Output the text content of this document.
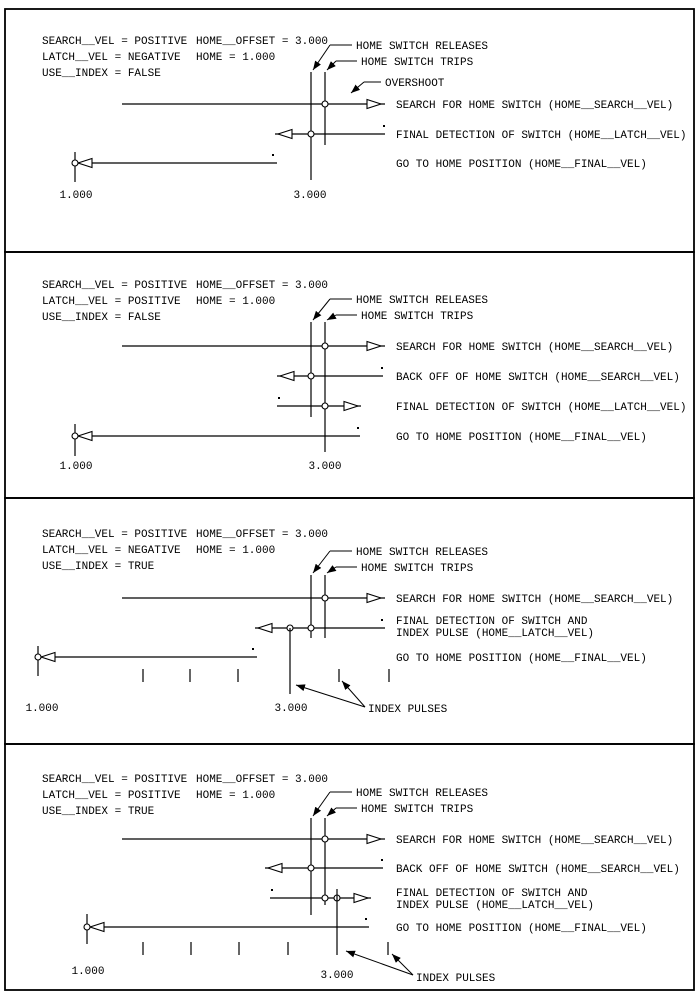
SEARCH__VEL = POSITIVE
LATCH__VEL = NEGATIVE
USE__INDEX = FALSE
HOME__OFFSET = 3.000
HOME = 1.000
HOME SWITCH RELEASES
HOME SWITCH TRIPS
OVERSHOOT
SEARCH FOR HOME SWITCH (HOME__SEARCH__VEL)
FINAL DETECTION OF SWITCH (HOME__LATCH__VEL)
GO TO HOME POSITION (HOME__FINAL__VEL)
1.000	3.000
SEARCH__VEL = POSITIVE
LATCH__VEL = POSITIVE
USE__INDEX = FALSE
HOME__OFFSET = 3.000
HOME = 1.000	HOME SWITCH RELEASES
HOME SWITCH TRIPS
SEARCH FOR HOME SWITCH (HOME__SEARCH__VEL)
BACK OFF OF HOME SWITCH (HOME__SEARCH__VEL)
FINAL DETECTION OF SWITCH (HOME__LATCH__VEL)
GO TO HOME POSITION (HOME__FINAL__VEL)
1.000	3.000
SEARCH__VEL = POSITIVE
LATCH__VEL = NEGATIVE
USE__INDEX = TRUE
HOME__OFFSET = 3.000
HOME = 1.000	HOME SWITCH RELEASES
HOME SWITCH TRIPS
SEARCH FOR HOME SWITCH (HOME__SEARCH__VEL)
FINAL DETECTION OF SWITCH AND
INDEX PULSE (HOME__LATCH__VEL)
GO TO HOME POSITION (HOME__FINAL__VEL)
INDEX PULSES
1.000	3.000
SEARCH__VEL = POSITIVE
LATCH__VEL = POSITIVE
USE__INDEX = TRUE
HOME__OFFSET = 3.000
HOME = 1.000	HOME SWITCH RELEASES
HOME SWITCH TRIPS
SEARCH FOR HOME SWITCH (HOME__SEARCH__VEL)
BACK OFF OF HOME SWITCH (HOME__SEARCH__VEL)
FINAL DETECTION OF SWITCH AND
INDEX PULSE (HOME__LATCH__VEL)
GO TO HOME POSITION (HOME__FINAL__VEL)
INDEX PULSES
1.000	3.000
